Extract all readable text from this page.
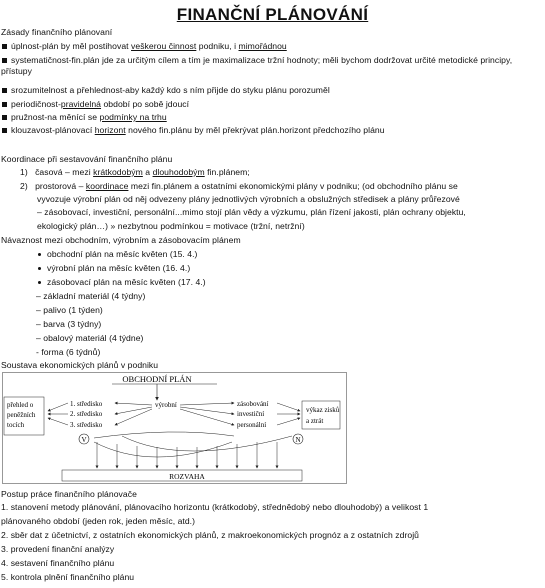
FINANČNÍ PLÁNOVÁNÍ
Zásady finančního plánovaní
úplnost-plán by měl postihovat veškerou činnost podniku, i mimořádnou
systematičnost-fin.plán jde za určitým cílem a tím je maximalizace tržní hodnoty; měli bychom dodržovat určité metodické principy, přístupy
srozumitelnost a přehlednost-aby každý kdo s ním přijde do styku plánu porozuměl
periodičnost-pravidelná období po sobě jdoucí
pružnost-na měnící se podmínky na trhu
klouzavost-plánovací horizont nového fin.plánu by měl překrývat plán.horizont předchozího plánu
Koordinace při sestavování finančního plánu
1) časová – mezi krátkodobým a dlouhodobým fin.plánem;
2) prostorová – koordinace mezi fin.plánem a ostatními ekonomickými plány v podniku; (od obchodního plánu se
vyvozuje výrobní plán od něj odvezeny plány jednotlivých výrobních a obslužných středisek a plány průřezové
– zásobovací, investiční, personální...mimo stojí plán vědy a výzkumu, plán řízení jakosti, plán ochrany objektu,
ekologický plán…) » nezbytnou podmínkou = motivace (tržní, netržní)
Návaznost mezi obchodním, výrobním a zásobovacím plánem
obchodní plán na měsíc květen (15. 4.)
výrobní plán na měsíc květen (16. 4.)
zásobovací plán na měsíc květen (17. 4.)
– základní materiál (4 týdny)
– palivo (1 týden)
– barva (3 týdny)
– obalový materiál (4 týdne)
- forma (6 týdnů)
Soustava ekonomických plánů v podniku
OBCHODNÍ PLÁN
přehled o
peněžních
tocích
1. středisko
2. středisko
3. středisko
výrobní	zásobování
investiční
personální
výkaz zisků
a ztrát
V	N
ROZVAHA
Postup práce finančního plánovače
1. stanovení metody plánování, plánovacího horizontu (krátkodobý, střednědobý nebo dlouhodobý) a velikost 1
plánovaného období (jeden rok, jeden měsíc, atd.)
2. sběr dat z účetnictví, z ostatních ekonomických plánů, z makroekonomických prognóz a z ostatních zdrojů
3. provedení finanční analýzy
4. sestavení finančního plánu
5. kontrola plnění finančního plánu
